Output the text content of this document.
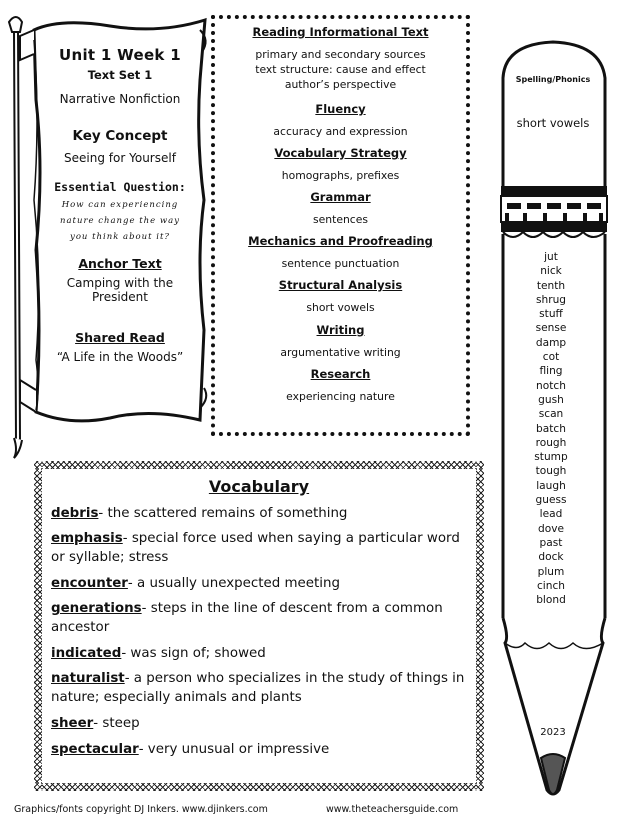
Unit 1 Week 1
Text Set 1
Narrative Nonfiction
Key Concept
Seeing for Yourself
Essential Question:
How can experiencing
nature change the way
you think about it?
Anchor Text
Camping with the
President
Shared Read
“A Life in the Woods”
Reading Informational Text
primary and secondary sources
text structure: cause and effect
author’s perspective
Fluency
accuracy and expression
Vocabulary Strategy
homographs, prefixes
Grammar
sentences
Mechanics and Proofreading
sentence punctuation
Structural Analysis
short vowels
Writing
argumentative writing
Research
experiencing nature
Vocabulary
debris- the scattered remains of something
emphasis- special force used when saying a particular word or syllable; stress
encounter- a usually unexpected meeting
generations- steps in the line of descent from a common ancestor
indicated- was sign of; showed
naturalist- a person who specializes in the study of things in nature; especially animals and plants
sheer- steep
spectacular- very unusual or impressive
Spelling/Phonics
short vowels
jut
nick
tenth
shrug
stuff
sense
damp
cot
fling
notch
gush
scan
batch
rough
stump
tough
laugh
guess
lead
dove
past
dock
plum
cinch
blond
2023
Graphics/fonts copyright DJ Inkers. www.djinkers.com	www.theteachersguide.com
